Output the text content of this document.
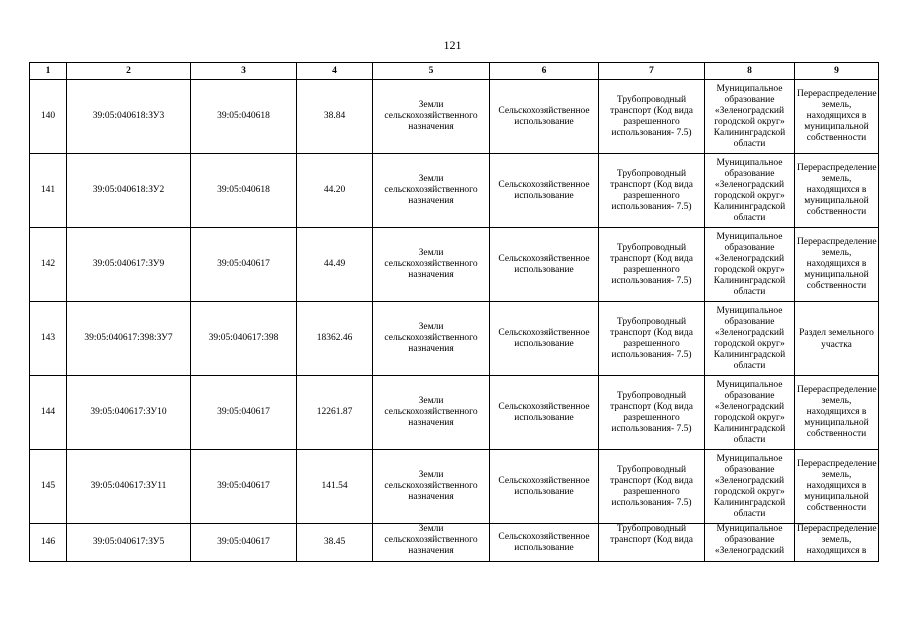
121
1	2	3	4	5	6	7	8	9
140	39:05:040618:ЗУ3	39:05:040618	38.84	Земли сельскохозяйственного назначения	Сельскохозяйственное использование	Трубопроводный транспорт (Код вида разрешенного использования- 7.5)	Муниципальное образование «Зеленоградский городской округ» Калининградской области	Перераспределение земель, находящихся в муниципальной собственности
141	39:05:040618:ЗУ2	39:05:040618	44.20	Земли сельскохозяйственного назначения	Сельскохозяйственное использование	Трубопроводный транспорт (Код вида разрешенного использования- 7.5)	Муниципальное образование «Зеленоградский городской округ» Калининградской области	Перераспределение земель, находящихся в муниципальной собственности
142	39:05:040617:ЗУ9	39:05:040617	44.49	Земли сельскохозяйственного назначения	Сельскохозяйственное использование	Трубопроводный транспорт (Код вида разрешенного использования- 7.5)	Муниципальное образование «Зеленоградский городской округ» Калининградской области	Перераспределение земель, находящихся в муниципальной собственности
143	39:05:040617:398:ЗУ7	39:05:040617:398	18362.46	Земли сельскохозяйственного назначения	Сельскохозяйственное использование	Трубопроводный транспорт (Код вида разрешенного использования- 7.5)	Муниципальное образование «Зеленоградский городской округ» Калининградской области	Раздел земельного участка
144	39:05:040617:ЗУ10	39:05:040617	12261.87	Земли сельскохозяйственного назначения	Сельскохозяйственное использование	Трубопроводный транспорт (Код вида разрешенного использования- 7.5)	Муниципальное образование «Зеленоградский городской округ» Калининградской области	Перераспределение земель, находящихся в муниципальной собственности
145	39:05:040617:ЗУ11	39:05:040617	141.54	Земли сельскохозяйственного назначения	Сельскохозяйственное использование	Трубопроводный транспорт (Код вида разрешенного использования- 7.5)	Муниципальное образование «Зеленоградский городской округ» Калининградской области	Перераспределение земель, находящихся в муниципальной собственности
146	39:05:040617:ЗУ5	39:05:040617	38.45	Земли сельскохозяйственного назначения	Сельскохозяйственное использование	Трубопроводный транспорт (Код вида	Муниципальное образование «Зеленоградский	Перераспределение земель, находящихся в
